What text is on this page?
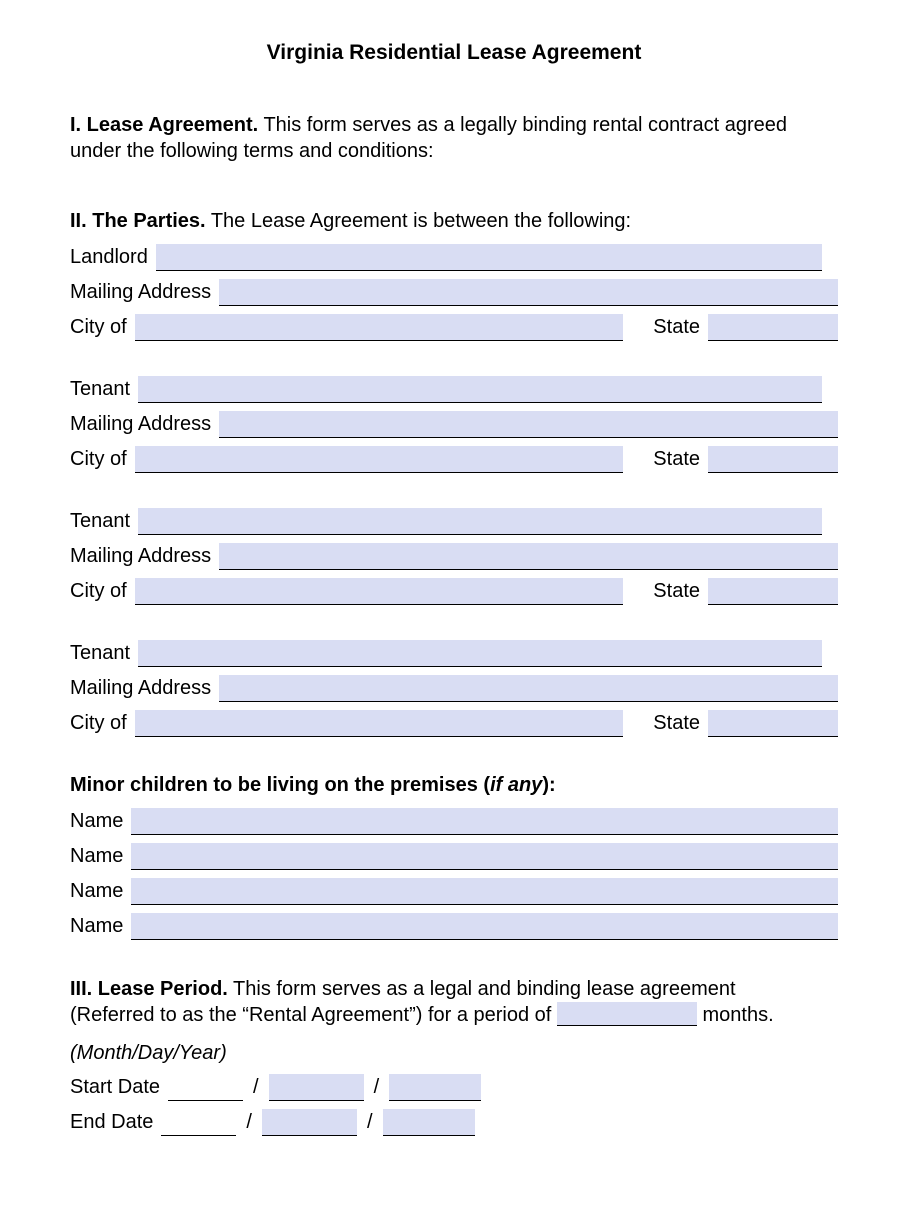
Virginia Residential Lease Agreement

I. Lease Agreement. This form serves as a legally binding rental contract agreed under the following terms and conditions:

II. The Parties. The Lease Agreement is between the following:

Landlord
Mailing Address
City of	State
Tenant
Mailing Address
City of	State
Tenant
Mailing Address
City of	State
Tenant
Mailing Address
City of	State

Minor children to be living on the premises (if any):

Name
Name
Name
Name

III. Lease Period. This form serves as a legal and binding lease agreement (Referred to as the “Rental Agreement”) for a period of	months.

(Month/Day/Year)

Start Date	/	/
End Date	/	/
